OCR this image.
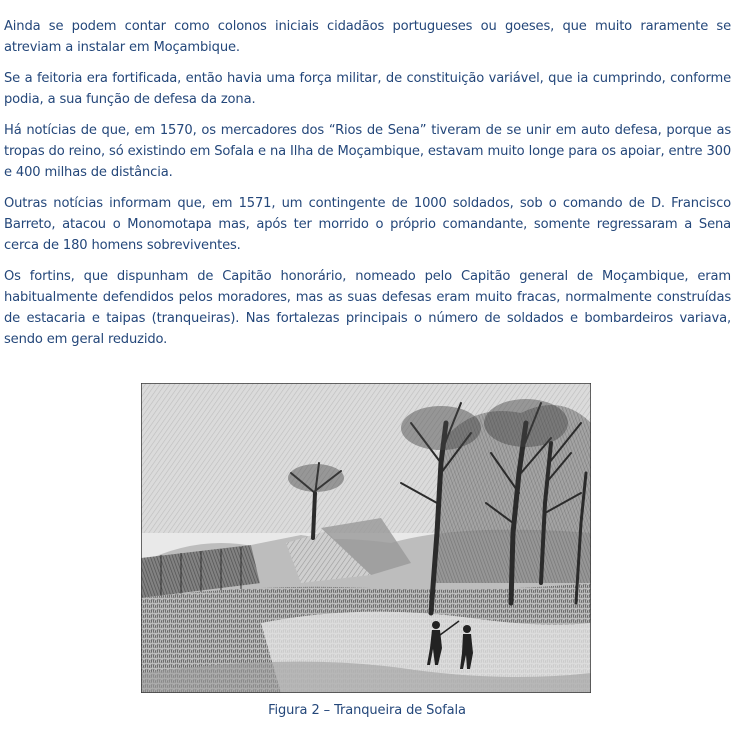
Ainda se podem contar como colonos iniciais cidadãos portugueses ou goeses, que muito raramente se atreviam a instalar em Moçambique.

Se a feitoria era fortificada, então havia uma força militar, de constituição variável, que ia cumprindo, conforme podia, a sua função de defesa da zona.

Há notícias de que, em 1570, os mercadores dos “Rios de Sena” tiveram de se unir em auto defesa, porque as tropas do reino, só existindo em Sofala e na Ilha de Moçambique, estavam muito longe para os apoiar, entre 300 e 400 milhas de distância.

Outras notícias informam que, em 1571, um contingente de 1000 soldados, sob o comando de D. Francisco Barreto, atacou o Monomotapa mas, após ter morrido o próprio comandante, somente regressaram a Sena cerca de 180 homens sobreviventes.

Os fortins, que dispunham de Capitão honorário, nomeado pelo Capitão general de Moçambique, eram habitualmente defendidos pelos moradores, mas as suas defesas eram muito fracas, normalmente construídas de estacaria e taipas (tranqueiras). Nas fortalezas principais o número de soldados e bombardeiros variava, sendo em geral reduzido.

Figura 2 – Tranqueira de Sofala
